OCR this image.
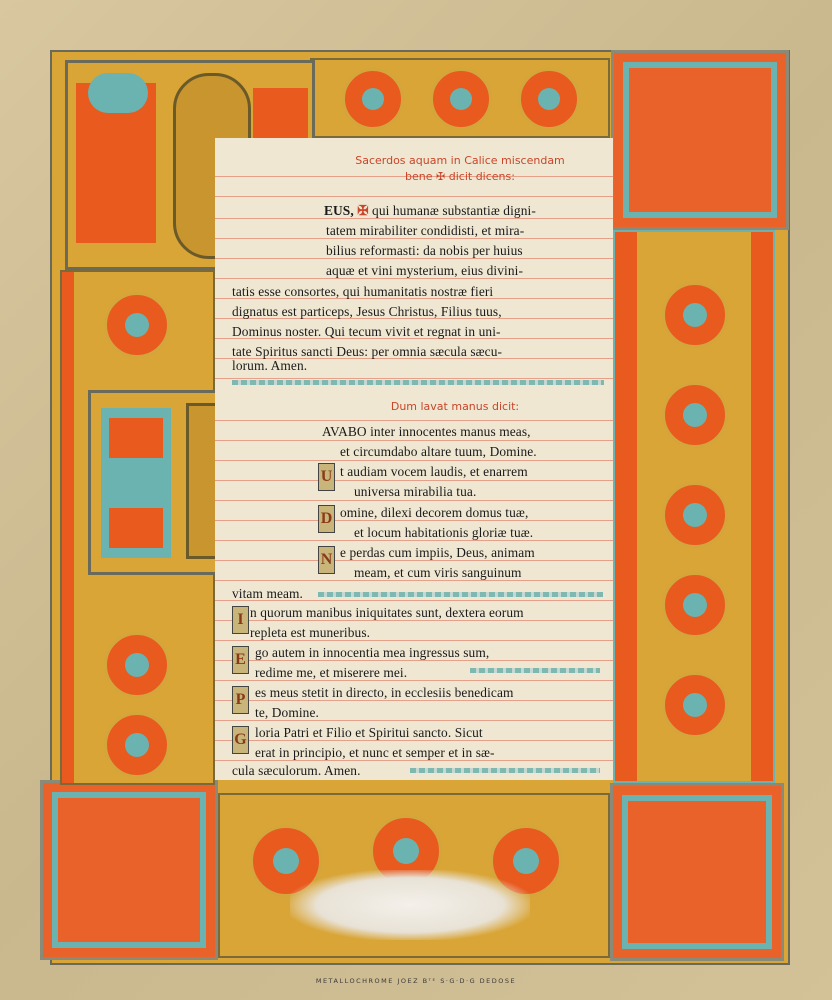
Sacerdos aquam in Calice miscendam
bene ✠ dicit dicens:
EUS, ✠ qui humanæ substantiæ digni-
tatem mirabiliter condidisti, et mira-
bilius reformasti: da nobis per huius
aquæ et vini mysterium, eius divini-
tatis esse consortes, qui humanitatis nostræ fieri
dignatus est particeps, Jesus Christus, Filius tuus,
Dominus noster. Qui tecum vivit et regnat in uni-
tate Spiritus sancti Deus: per omnia sæcula sæcu-
lorum. Amen.
Dum lavat manus dicit:
AVABO inter innocentes manus meas,
et circumdabo altare tuum, Domine.
U t audiam vocem laudis, et enarrem
universa mirabilia tua.
D omine, dilexi decorem domus tuæ,
et locum habitationis gloriæ tuæ.
N e perdas cum impiis, Deus, animam
meam, et cum viris sanguinum
vitam meam.
I n quorum manibus iniquitates sunt, dextera eorum
repleta est muneribus.
E go autem in innocentia mea ingressus sum,
redime me, et miserere mei.
P es meus stetit in directo, in ecclesiis benedicam
te, Domine.
G loria Patri et Filio et Spiritui sancto. Sicut
erat in principio, et nunc et semper et in sæ-
cula sæculorum. Amen.
METALLOCHROME JOEZ Bᵀᴱ S·G·D·G DEDOSE
